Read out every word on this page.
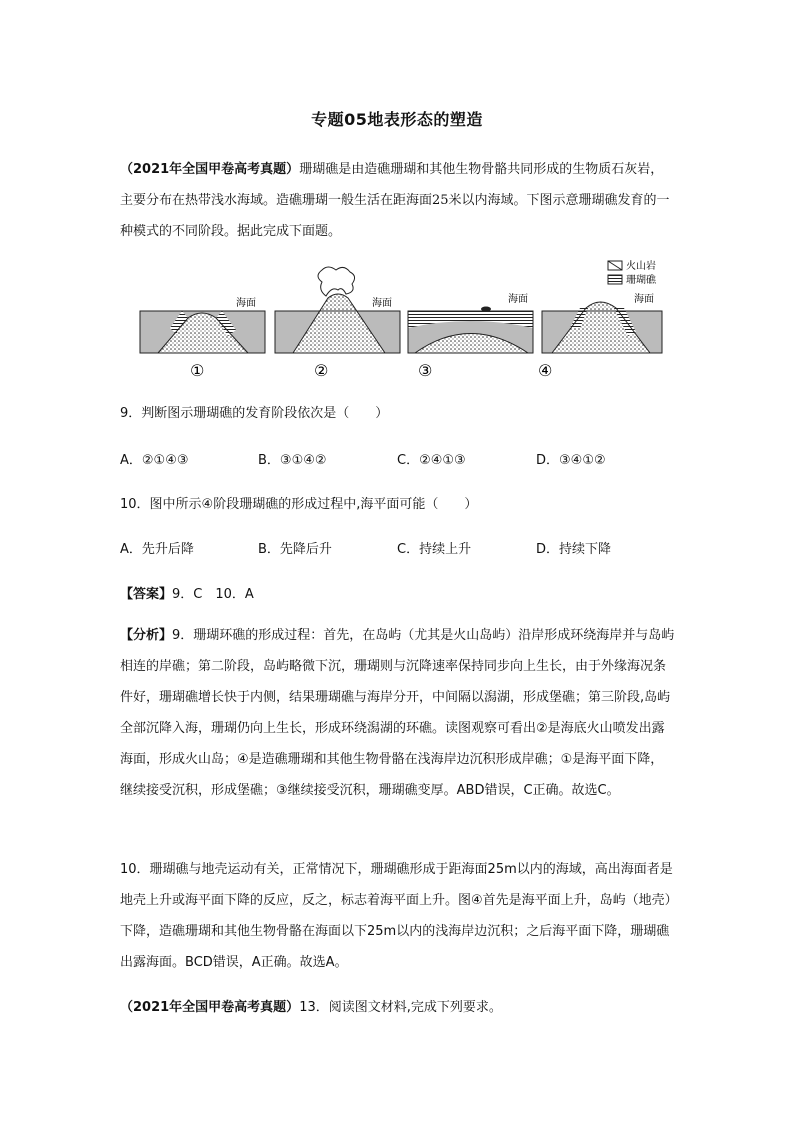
专题05地表形态的塑造
（2021年全国甲卷高考真题）珊瑚礁是由造礁珊瑚和其他生物骨骼共同形成的生物质石灰岩，主要分布在热带浅水海域。造礁珊瑚一般生活在距海面25米以内海域。下图示意珊瑚礁发育的一种模式的不同阶段。据此完成下面题。
火山岩
珊瑚礁
海面
①
海面
②
海面
③
海面
④
9．判断图示珊瑚礁的发育阶段依次是（　　）
A．②①④③	B．③①④②	C．②④①③	D．③④①②
10．图中所示④阶段珊瑚礁的形成过程中,海平面可能（　　）
A．先升后降	B．先降后升	C．持续上升	D．持续下降
【答案】9．C　10．A
【分析】9．珊瑚环礁的形成过程：首先，在岛屿（尤其是火山岛屿）沿岸形成环绕海岸并与岛屿相连的岸礁；第二阶段，岛屿略微下沉，珊瑚则与沉降速率保持同步向上生长，由于外缘海况条件好，珊瑚礁增长快于内侧，结果珊瑚礁与海岸分开，中间隔以潟湖，形成堡礁；第三阶段,岛屿全部沉降入海，珊瑚仍向上生长，形成环绕潟湖的环礁。读图观察可看出②是海底火山喷发出露海面，形成火山岛；④是造礁珊瑚和其他生物骨骼在浅海岸边沉积形成岸礁；①是海平面下降，继续接受沉积，形成堡礁；③继续接受沉积，珊瑚礁变厚。ABD错误，C正确。故选C。
10．珊瑚礁与地壳运动有关，正常情况下，珊瑚礁形成于距海面25m以内的海域，高出海面者是地壳上升或海平面下降的反应，反之，标志着海平面上升。图④首先是海平面上升，岛屿（地壳）下降，造礁珊瑚和其他生物骨骼在海面以下25m以内的浅海岸边沉积；之后海平面下降，珊瑚礁出露海面。BCD错误，A正确。故选A。
（2021年全国甲卷高考真题）13．阅读图文材料,完成下列要求。
